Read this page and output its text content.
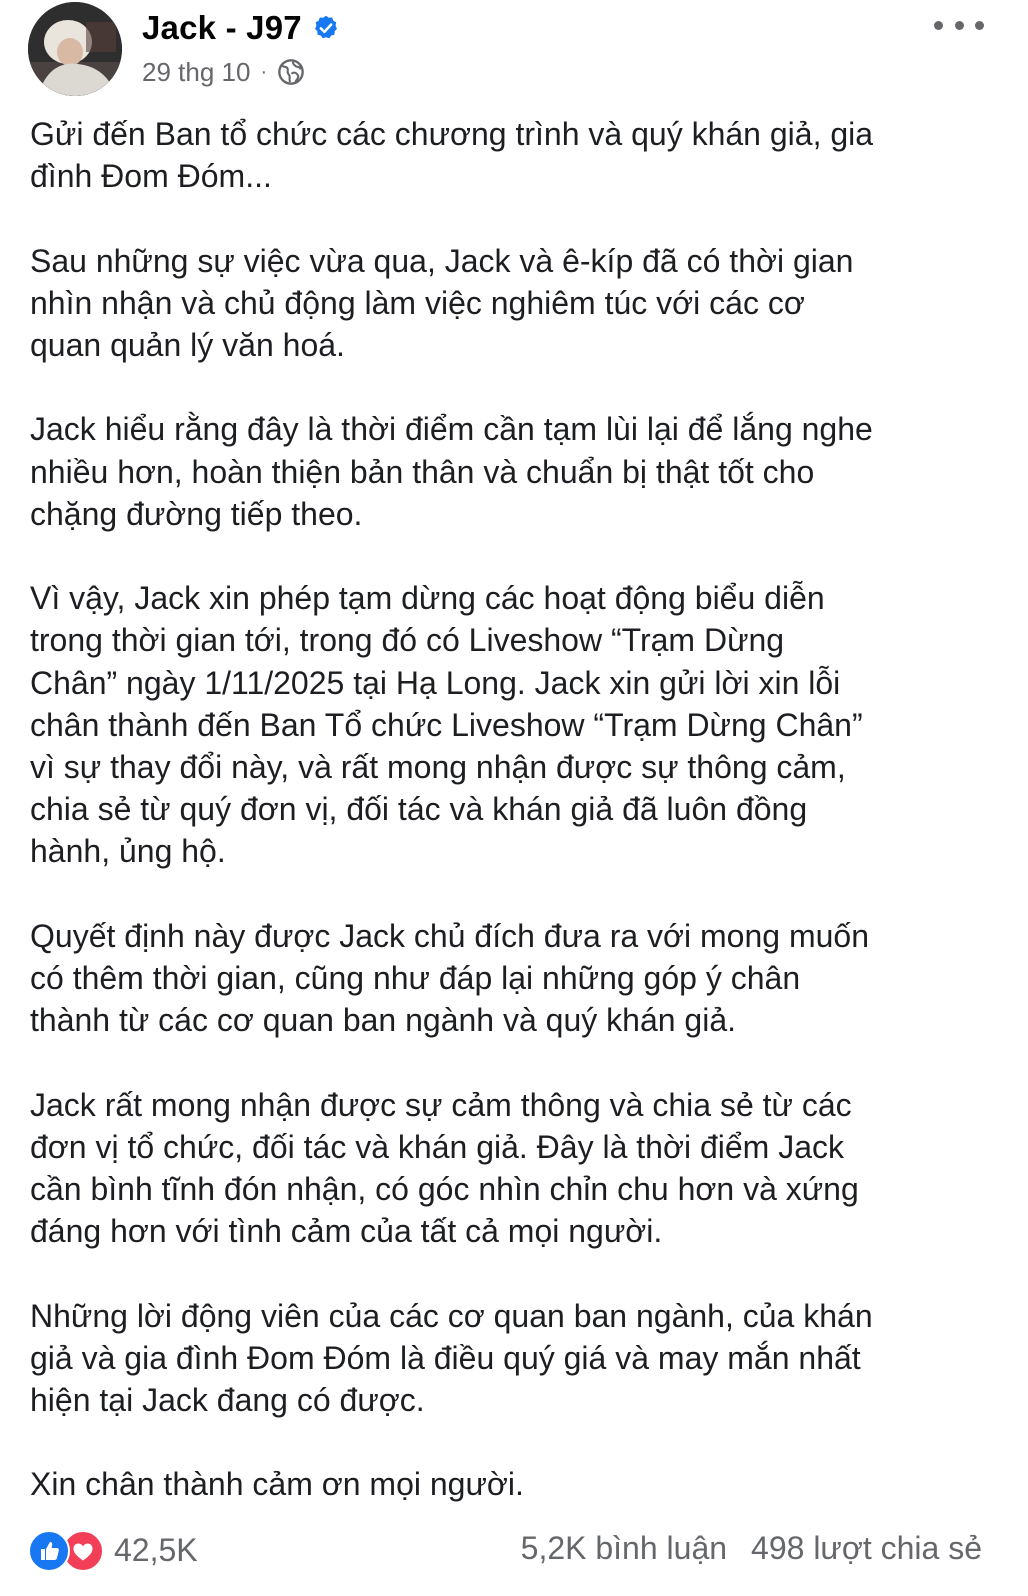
Jack - J97
29 thg 10 ·

Gửi đến Ban tổ chức các chương trình và quý khán giả, gia
đình Đom Đóm...

Sau những sự việc vừa qua, Jack và ê-kíp đã có thời gian
nhìn nhận và chủ động làm việc nghiêm túc với các cơ
quan quản lý văn hoá.

Jack hiểu rằng đây là thời điểm cần tạm lùi lại để lắng nghe
nhiều hơn, hoàn thiện bản thân và chuẩn bị thật tốt cho
chặng đường tiếp theo.

Vì vậy, Jack xin phép tạm dừng các hoạt động biểu diễn
trong thời gian tới, trong đó có Liveshow “Trạm Dừng
Chân” ngày 1/11/2025 tại Hạ Long. Jack xin gửi lời xin lỗi
chân thành đến Ban Tổ chức Liveshow “Trạm Dừng Chân”
vì sự thay đổi này, và rất mong nhận được sự thông cảm,
chia sẻ từ quý đơn vị, đối tác và khán giả đã luôn đồng
hành, ủng hộ.

Quyết định này được Jack chủ đích đưa ra với mong muốn
có thêm thời gian, cũng như đáp lại những góp ý chân
thành từ các cơ quan ban ngành và quý khán giả.

Jack rất mong nhận được sự cảm thông và chia sẻ từ các
đơn vị tổ chức, đối tác và khán giả. Đây là thời điểm Jack
cần bình tĩnh đón nhận, có góc nhìn chỉn chu hơn và xứng
đáng hơn với tình cảm của tất cả mọi người.

Những lời động viên của các cơ quan ban ngành, của khán
giả và gia đình Đom Đóm là điều quý giá và may mắn nhất
hiện tại Jack đang có được.

Xin chân thành cảm ơn mọi người.

42,5K	5,2K bình luận 498 lượt chia sẻ
